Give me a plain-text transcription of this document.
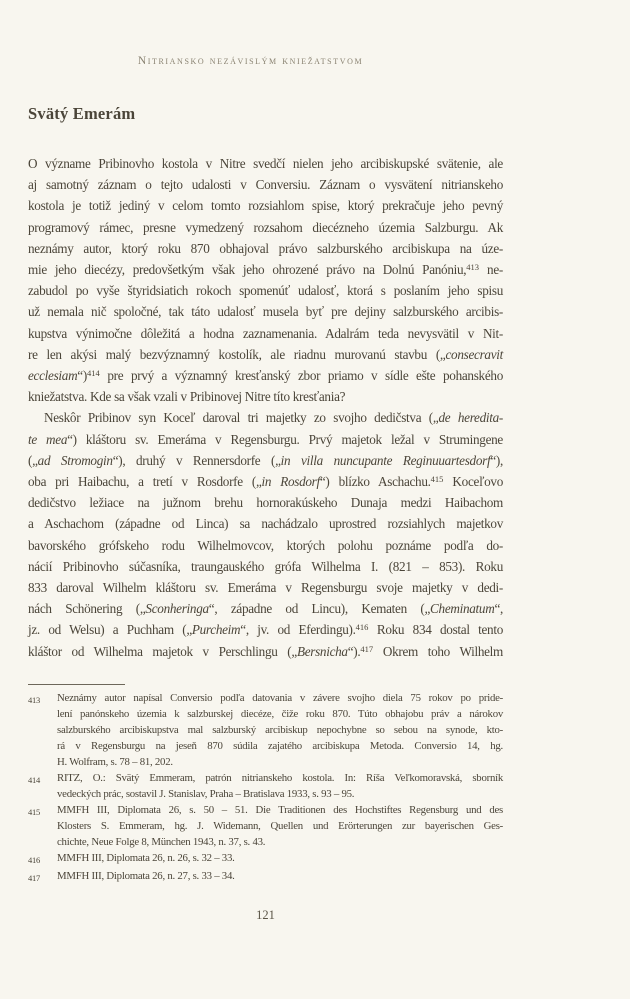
Nitriansko nezávislým kniežatstvom
Svätý Emerám
O význame Pribinovho kostola v Nitre svedčí nielen jeho arcibiskupské svätenie, ale
aj samotný záznam o tejto udalosti v Conversiu. Záznam o vysvätení nitrianskeho
kostola je totiž jediný v celom tomto rozsiahlom spise, ktorý prekračuje jeho pevný
programový rámec, presne vymedzený rozsahom diecézneho územia Salzburgu. Ak
neznámy autor, ktorý roku 870 obhajoval právo salzburského arcibiskupa na úze-
mie jeho diecézy, predovšetkým však jeho ohrozené právo na Dolnú Panóniu,$^{413}$ ne-
zabudol po vyše štyridsiatich rokoch spomenúť udalosť, ktorá s poslaním jeho spisu
už nemala nič spoločné, tak táto udalosť musela byť pre dejiny salzburského arcibis-
kupstva výnimočne dôležitá a hodna zaznamenania. Adalrám teda nevysvätil v Nit-
re len akýsi malý bezvýznamný kostolík, ale riadnu murovanú stavbu („consecravit
ecclesiam“)$^{414}$ pre prvý a významný kresťanský zbor priamo v sídle ešte pohanského
kniežatstva. Kde sa však vzali v Pribinovej Nitre títo kresťania?
Neskôr Pribinov syn Koceľ daroval tri majetky zo svojho dedičstva („de heredita-
te mea“) kláštoru sv. Emeráma v Regensburgu. Prvý majetok ležal v Strumingene
(„ad Stromogin“), druhý v Rennersdorfe („in villa nuncupante Reginuuartesdorf“),
oba pri Haibachu, a tretí v Rosdorfe („in Rosdorf“) blízko Aschachu.$^{415}$ Koceľovo
dedičstvo ležiace na južnom brehu hornorakúskeho Dunaja medzi Haibachom
a Aschachom (západne od Linca) sa nachádzalo uprostred rozsiahlych majetkov
bavorského grófskeho rodu Wilhelmovcov, ktorých polohu poznáme podľa do-
nácií Pribinovho súčasníka, traungauského grófa Wilhelma I. (821 – 853). Roku
833 daroval Wilhelm kláštoru sv. Emeráma v Regensburgu svoje majetky v dedi-
nách Schönering („Sconheringa“, západne od Lincu), Kematen („Cheminatum“,
jz. od Welsu) a Puchham („Purcheim“, jv. od Eferdingu).$^{416}$ Roku 834 dostal tento
kláštor od Wilhelma majetok v Perschlingu („Bersnicha“).$^{417}$ Okrem toho Wilhelm
413	Neznámy autor napísal Conversio podľa datovania v závere svojho diela 75 rokov po pride-
lení panónskeho územia k salzburskej diecéze, čiže roku 870. Túto obhajobu práv a nárokov
salzburského arcibiskupstva mal salzburský arcibiskup nepochybne so sebou na synode, kto-
rá v Regensburgu na jeseň 870 súdila zajatého arcibiskupa Metoda. Conversio 14, hg.
H. Wolfram, s. 78 – 81, 202.
414	RITZ, O.: Svätý Emmeram, patrón nitrianskeho kostola. In: Ríša Veľkomoravská, sborník
vedeckých prác, sostavil J. Stanislav, Praha – Bratislava 1933, s. 93 – 95.
415	MMFH III, Diplomata 26, s. 50 – 51. Die Traditionen des Hochstiftes Regensburg und des
Klosters S. Emmeram, hg. J. Widemann, Quellen und Erörterungen zur bayerischen Ges-
chichte, Neue Folge 8, München 1943, n. 37, s. 43.
416	MMFH III, Diplomata 26, n. 26, s. 32 – 33.
417	MMFH III, Diplomata 26, n. 27, s. 33 – 34.
121
